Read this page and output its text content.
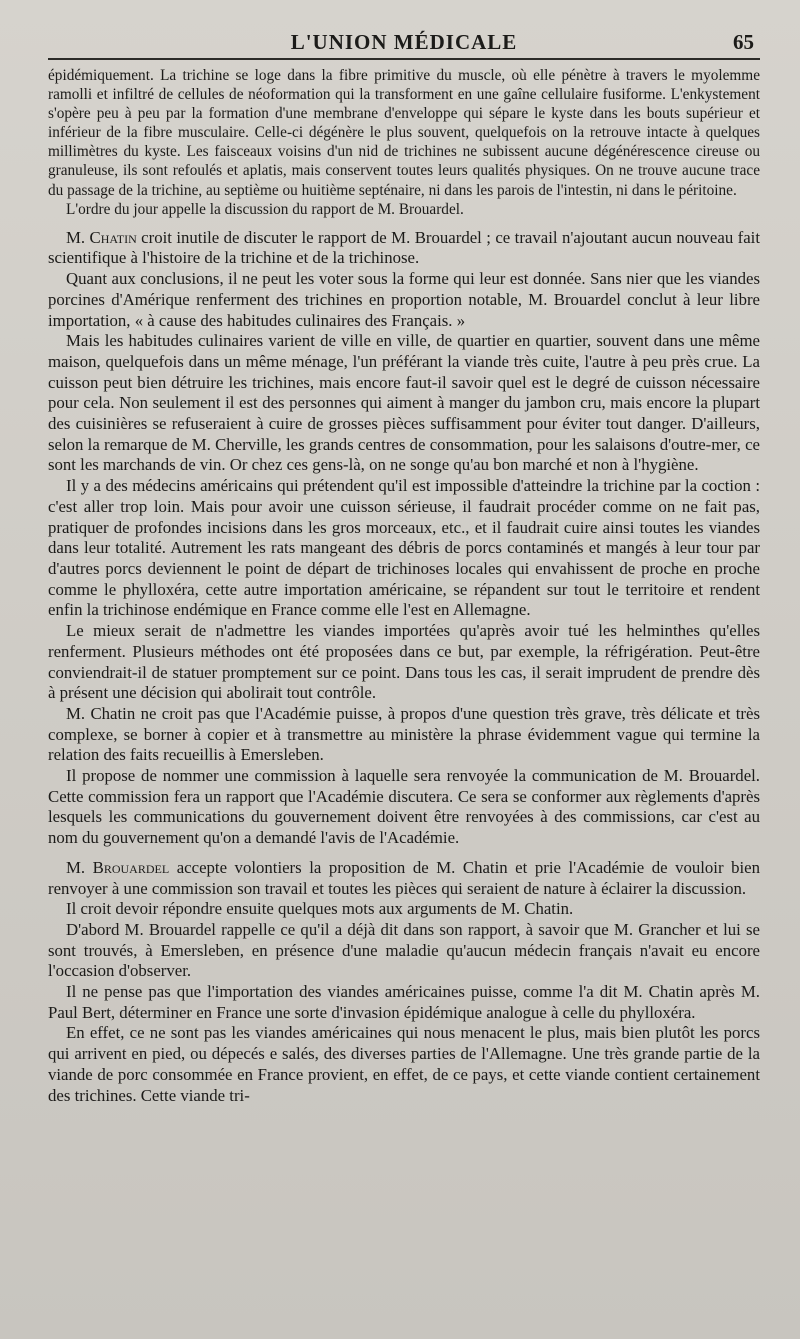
L'UNION MÉDICALE	65

épidémiquement. La trichine se loge dans la fibre primitive du muscle, où elle pénètre à travers le myolemme ramolli et infiltré de cellules de néoformation qui la transforment en une gaîne cellulaire fusiforme. L'enkystement s'opère peu à peu par la formation d'une membrane d'enveloppe qui sépare le kyste dans les bouts supérieur et inférieur de la fibre musculaire. Celle-ci dégénère le plus souvent, quelquefois on la retrouve intacte à quelques millimètres du kyste. Les faisceaux voisins d'un nid de trichines ne subissent aucune dégénérescence cireuse ou granuleuse, ils sont refoulés et aplatis, mais conservent toutes leurs qualités physiques. On ne trouve aucune trace du passage de la trichine, au septième ou huitième septénaire, ni dans les parois de l'intestin, ni dans le péritoine.

L'ordre du jour appelle la discussion du rapport de M. Brouardel.

M. Chatin croit inutile de discuter le rapport de M. Brouardel ; ce travail n'ajoutant aucun nouveau fait scientifique à l'histoire de la trichine et de la trichinose.

Quant aux conclusions, il ne peut les voter sous la forme qui leur est donnée. Sans nier que les viandes porcines d'Amérique renferment des trichines en proportion notable, M. Brouardel conclut à leur libre importation, « à cause des habitudes culinaires des Français. »

Mais les habitudes culinaires varient de ville en ville, de quartier en quartier, souvent dans une même maison, quelquefois dans un même ménage, l'un préférant la viande très cuite, l'autre à peu près crue. La cuisson peut bien détruire les trichines, mais encore faut-il savoir quel est le degré de cuisson nécessaire pour cela. Non seulement il est des personnes qui aiment à manger du jambon cru, mais encore la plupart des cuisinières se refuseraient à cuire de grosses pièces suffisamment pour éviter tout danger. D'ailleurs, selon la remarque de M. Cherville, les grands centres de consommation, pour les salaisons d'outre-mer, ce sont les marchands de vin. Or chez ces gens-là, on ne songe qu'au bon marché et non à l'hygiène.

Il y a des médecins américains qui prétendent qu'il est impossible d'atteindre la trichine par la coction : c'est aller trop loin. Mais pour avoir une cuisson sérieuse, il faudrait procéder comme on ne fait pas, pratiquer de profondes incisions dans les gros morceaux, etc., et il faudrait cuire ainsi toutes les viandes dans leur totalité. Autrement les rats mangeant des débris de porcs contaminés et mangés à leur tour par d'autres porcs deviennent le point de départ de trichinoses locales qui envahissent de proche en proche comme le phylloxéra, cette autre importation américaine, se répandent sur tout le territoire et rendent enfin la trichinose endémique en France comme elle l'est en Allemagne.

Le mieux serait de n'admettre les viandes importées qu'après avoir tué les helminthes qu'elles renferment. Plusieurs méthodes ont été proposées dans ce but, par exemple, la réfrigération. Peut-être conviendrait-il de statuer promptement sur ce point. Dans tous les cas, il serait imprudent de prendre dès à présent une décision qui abolirait tout contrôle.

M. Chatin ne croit pas que l'Académie puisse, à propos d'une question très grave, très délicate et très complexe, se borner à copier et à transmettre au ministère la phrase évidemment vague qui termine la relation des faits recueillis à Emersleben.

Il propose de nommer une commission à laquelle sera renvoyée la communication de M. Brouardel. Cette commission fera un rapport que l'Académie discutera. Ce sera se conformer aux règlements d'après lesquels les communications du gouvernement doivent être renvoyées à des commissions, car c'est au nom du gouvernement qu'on a demandé l'avis de l'Académie.

M. Brouardel accepte volontiers la proposition de M. Chatin et prie l'Académie de vouloir bien renvoyer à une commission son travail et toutes les pièces qui seraient de nature à éclairer la discussion.

Il croit devoir répondre ensuite quelques mots aux arguments de M. Chatin.

D'abord M. Brouardel rappelle ce qu'il a déjà dit dans son rapport, à savoir que M. Grancher et lui se sont trouvés, à Emersleben, en présence d'une maladie qu'aucun médecin français n'avait eu encore l'occasion d'observer.

Il ne pense pas que l'importation des viandes américaines puisse, comme l'a dit M. Chatin après M. Paul Bert, déterminer en France une sorte d'invasion épidémique analogue à celle du phylloxéra.

En effet, ce ne sont pas les viandes américaines qui nous menacent le plus, mais bien plutôt les porcs qui arrivent en pied, ou dépecés e salés, des diverses parties de l'Allemagne. Une très grande partie de la viande de porc consommée en France provient, en effet, de ce pays, et cette viande contient certainement des trichines. Cette viande tri-
